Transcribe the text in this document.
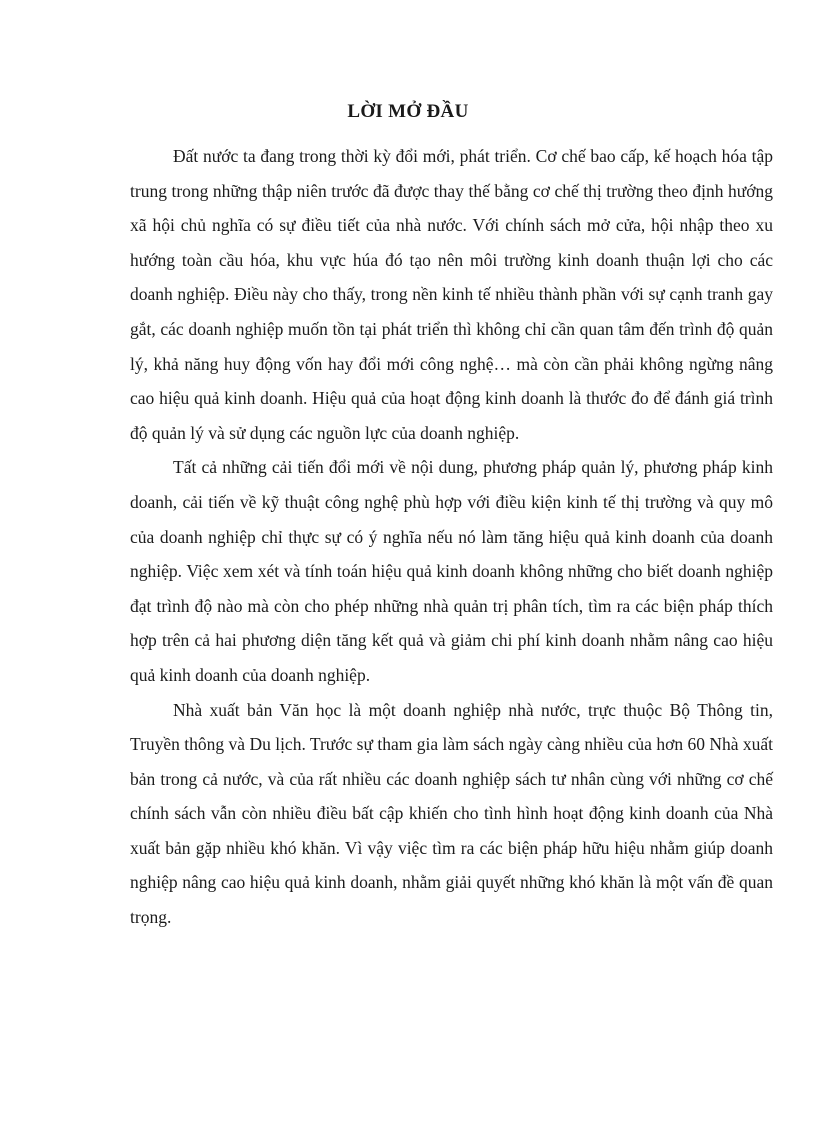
LỜI MỞ ĐẦU

Đất nước ta đang trong thời kỳ đổi mới, phát triển. Cơ chế bao cấp, kế hoạch hóa tập trung trong những thập niên trước đã được thay thế bằng cơ chế thị trường theo định hướng xã hội chủ nghĩa có sự điều tiết của nhà nước. Với chính sách mở cửa, hội nhập theo xu hướng toàn cầu hóa, khu vực húa đó tạo nên môi trường kinh doanh thuận lợi cho các doanh nghiệp. Điều này cho thấy, trong nền kinh tế nhiều thành phần với sự cạnh tranh gay gắt, các doanh nghiệp muốn tồn tại phát triển thì không chỉ cần quan tâm đến trình độ quản lý, khả năng huy động vốn hay đổi mới công nghệ… mà còn cần phải không ngừng nâng cao hiệu quả kinh doanh. Hiệu quả của hoạt động kinh doanh là thước đo để đánh giá trình độ quản lý và sử dụng các nguồn lực của doanh nghiệp.

Tất cả những cải tiến đổi mới về nội dung, phương pháp quản lý, phương pháp kinh doanh, cải tiến về kỹ thuật công nghệ phù hợp với điều kiện kinh tế thị trường và quy mô của doanh nghiệp chỉ thực sự có ý nghĩa nếu nó làm tăng hiệu quả kinh doanh của doanh nghiệp. Việc xem xét và tính toán hiệu quả kinh doanh không những cho biết doanh nghiệp đạt trình độ nào mà còn cho phép những nhà quản trị phân tích, tìm ra các biện pháp thích hợp trên cả hai phương diện tăng kết quả và giảm chi phí kinh doanh nhằm nâng cao hiệu quả kinh doanh của doanh nghiệp.

Nhà xuất bản Văn học là một doanh nghiệp nhà nước, trực thuộc Bộ Thông tin, Truyền thông và Du lịch. Trước sự tham gia làm sách ngày càng nhiều của hơn 60 Nhà xuất bản trong cả nước, và của rất nhiều các doanh nghiệp sách tư nhân cùng với những cơ chế chính sách vẫn còn nhiều điều bất cập khiến cho tình hình hoạt động kinh doanh của Nhà xuất bản gặp nhiều khó khăn. Vì vậy việc tìm ra các biện pháp hữu hiệu nhằm giúp doanh nghiệp nâng cao hiệu quả kinh doanh, nhằm giải quyết những khó khăn là một vấn đề quan trọng.
